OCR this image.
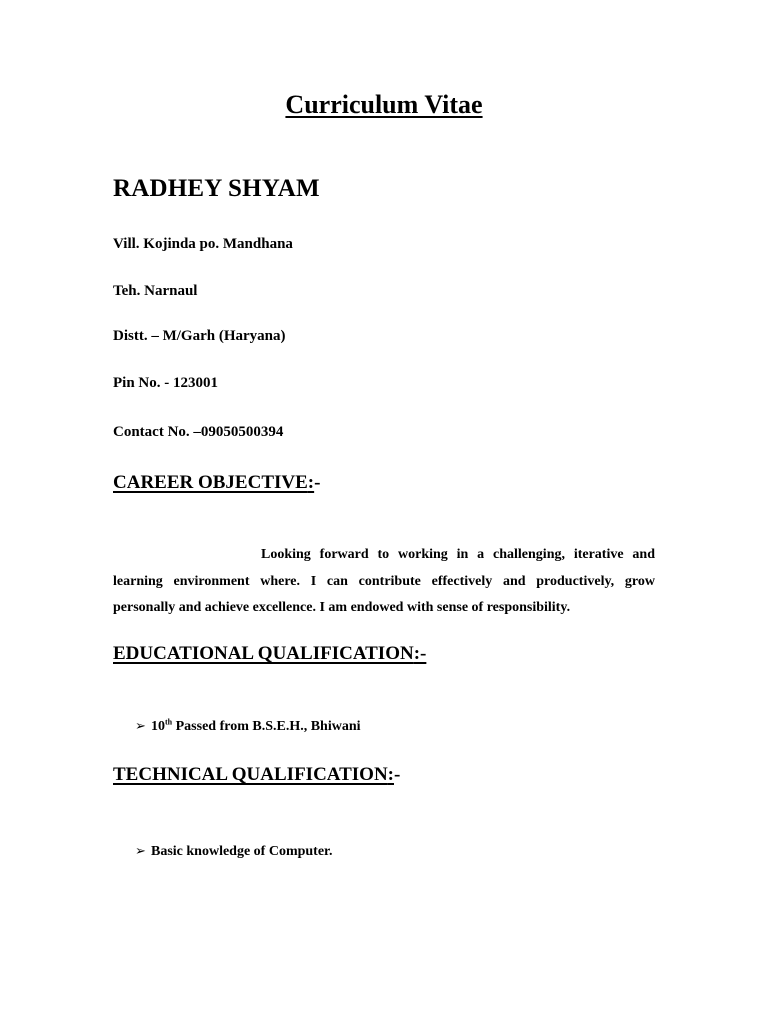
Curriculum Vitae
RADHEY SHYAM
Vill. Kojinda po. Mandhana
Teh. Narnaul
Distt. – M/Garh (Haryana)
Pin No. - 123001
Contact No. –09050500394
CAREER OBJECTIVE:-
Looking forward to working in a challenging, iterative and learning environment where. I can contribute effectively and productively, grow personally and achieve excellence. I am endowed with sense of responsibility.
EDUCATIONAL QUALIFICATION:-
➢ 10th Passed from B.S.E.H., Bhiwani
TECHNICAL QUALIFICATION:-
➢ Basic knowledge of Computer.
